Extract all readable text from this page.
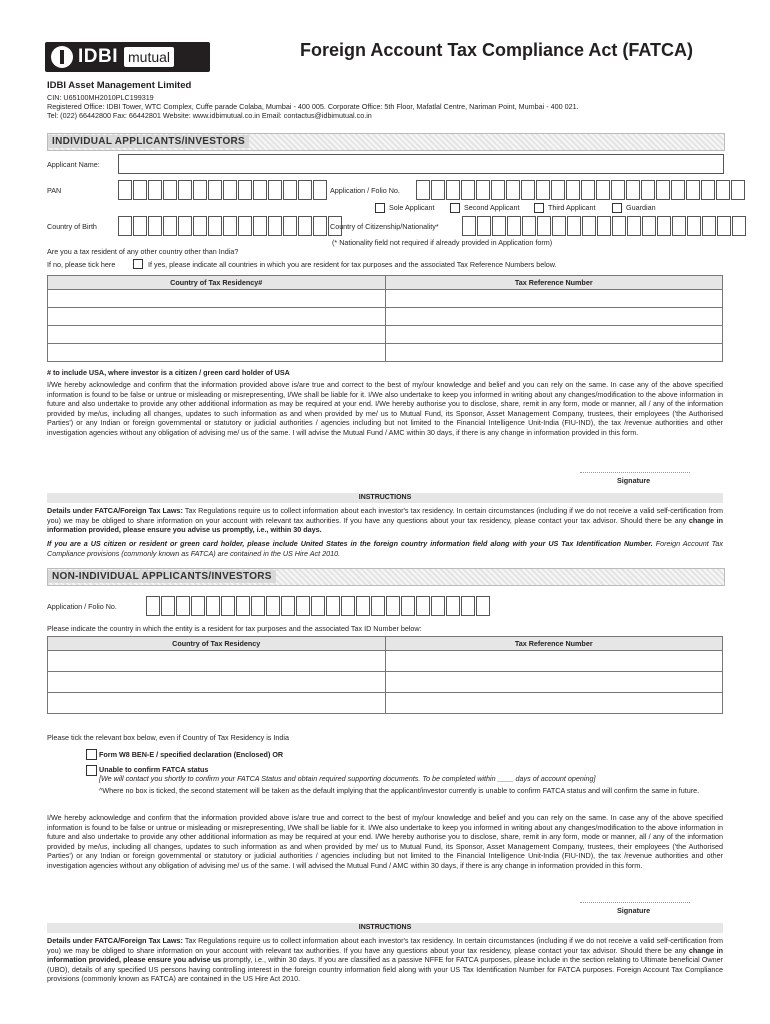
IDBI mutual	Foreign Account Tax Compliance Act (FATCA)
IDBI Asset Management Limited
CIN: U65100MH2010PLC199319
Registered Office: IDBI Tower, WTC Complex, Cuffe parade Colaba, Mumbai - 400 005. Corporate Office: 5th Floor, Mafatlal Centre, Nariman Point, Mumbai - 400 021.
Tel: (022) 66442800 Fax: 66442801 Website: www.idbimutual.co.in Email: contactus@idbimutual.co.in
INDIVIDUAL APPLICANTS/INVESTORS
Applicant Name:
PAN	Application / Folio No.
Sole Applicant	Second Applicant	Third Applicant	Guardian
Country of Birth	Country of Citizenship/Nationality*
(* Nationality field not required if already provided in Application form)
Are you a tax resident of any other country other than India?
If no, please tick here	If yes, please indicate all countries in which you are resident for tax purposes and the associated Tax Reference Numbers below.
Country of Tax Residency#	Tax Reference Number

# to include USA, where investor is a citizen / green card holder of USA
I/We hereby acknowledge and confirm that the information provided above is/are true and correct to the best of my/our knowledge and belief and you can rely on the same. In case any of the above specified information is found to be false or untrue or misleading or misrepresenting, I/We shall be liable for it. I/We also undertake to keep you informed in writing about any changes/modification to the above information in future and also undertake to provide any other additional information as may be required at your end. I/We hereby authorise you to disclose, share, remit in any form, mode or manner, all / any of the information provided by me/us, including all changes, updates to such information as and when provided by me/ us to Mutual Fund, its Sponsor, Asset Management Company, trustees, their employees ('the Authorised Parties') or any Indian or foreign governmental or statutory or judicial authorities / agencies including but not limited to the Financial Intelligence Unit-India (FIU-IND), the tax /revenue authorities and other investigation agencies without any obligation of advising me/ us of the same. I will advise the Mutual Fund / AMC within 30 days, if there is any change in information provided in this form.
Signature
INSTRUCTIONS
Details under FATCA/Foreign Tax Laws: Tax Regulations require us to collect information about each investor's tax residency. In certain circumstances (including if we do not receive a valid self-certification from you) we may be obliged to share information on your account with relevant tax authorities. If you have any questions about your tax residency, please contact your tax advisor. Should there be any change in information provided, please ensure you advise us promptly, i.e., within 30 days.
If you are a US citizen or resident or green card holder, please include United States in the foreign country information field along with your US Tax Identification Number. Foreign Account Tax Compliance provisions (commonly known as FATCA) are contained in the US Hire Act 2010.
NON-INDIVIDUAL APPLICANTS/INVESTORS
Application / Folio No.
Please indicate the country in which the entity is a resident for tax purposes and the associated Tax ID Number below:
Country of Tax Residency	Tax Reference Number

Please tick the relevant box below, even if Country of Tax Residency is India
Form W8 BEN-E / specified declaration (Enclosed) OR
Unable to confirm FATCA status
[We will contact you shortly to confirm your FATCA Status and obtain required supporting documents. To be completed within ____ days of account opening]
^Where no box is ticked, the second statement will be taken as the default implying that the applicant/investor currently is unable to confirm FATCA status and will confirm the same in future.
I/We hereby acknowledge and confirm that the information provided above is/are true and correct to the best of my/our knowledge and belief and you can rely on the same. In case any of the above specified information is found to be false or untrue or misleading or misrepresenting, I/We shall be liable for it. I/We also undertake to keep you informed in writing about any changes/modification to the above information in future and also undertake to provide any other additional information as may be required at your end. I/We hereby authorise you to disclose, share, remit in any form, mode or manner, all / any of the information provided by me/us, including all changes, updates to such information as and when provided by me/ us to Mutual Fund, its Sponsor, Asset Management Company, trustees, their employees ('the Authorised Parties') or any Indian or foreign governmental or statutory or judicial authorities / agencies including but not limited to the Financial Intelligence Unit-India (FIU-IND), the tax /revenue authorities and other investigation agencies without any obligation of advising me/ us of the same. I will advised the Mutual Fund / AMC within 30 days, if there is any change in information provided in this form.
Signature
INSTRUCTIONS
Details under FATCA/Foreign Tax Laws: Tax Regulations require us to collect information about each investor's tax residency. In certain circumstances (including if we do not receive a valid self-certification from you) we may be obliged to share information on your account with relevant tax authorities. If you have any questions about your tax residency, please contact your tax advisor. Should there be any change in information provided, please ensure you advise us promptly, i.e., within 30 days. If you are classified as a passive NFFE for FATCA purposes, please include in the section relating to Ultimate beneficial Owner (UBO), details of any specified US persons having controlling interest in the foreign country information field along with your US Tax Identification Number for FATCA purposes. Foreign Account Tax Compliance provisions (commonly known as FATCA) are contained in the US Hire Act 2010.
